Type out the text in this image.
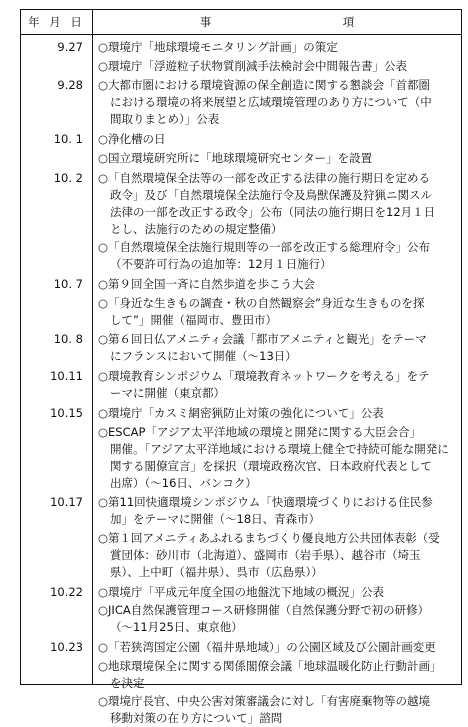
年 月 日	事　項
9.27 ○環境庁「地球環境モニタリング計画」の策定
○環境庁「浮遊粒子状物質削減手法検討会中間報告書」公表
9.28 ○大都市圏における環境資源の保全創造に関する懇談会「首都圏
における環境の将来展望と広域環境管理のあり方について（中
間取りまとめ）」公表
10. 1 ○浄化槽の日
○国立環境研究所に「地球環境研究センター」を設置
10. 2 ○「自然環境保全法等の一部を改正する法律の施行期日を定める
政令」及び「自然環境保全法施行令及鳥獣保護及狩猟ニ関スル
法律の一部を改正する政令」公布（同法の施行期日を12月１日
とし、法施行のための規定整備）
○「自然環境保全法施行規則等の一部を改正する総理府令」公布
（不要許可行為の追加等：12月１日施行）
10. 7 ○第９回全国一斉に自然歩道を歩こう大会
○「身近な生きもの調査・秋の自然観察会”身近な生きものを探
して”」開催（福岡市、豊田市）
10. 8 ○第６回日仏アメニティ会議「都市アメニティと観光」をテーマ
にフランスにおいて開催（～13日）
10.11 ○環境教育シンポジウム「環境教育ネットワークを考える」をテ
ーマに開催（東京都）
10.15 ○環境庁「カスミ網密猟防止対策の強化について」公表
○ESCAP「アジア太平洋地域の環境と開発に関する大臣会合」
開催。「アジア太平洋地域における環境上健全で持続可能な開発に
関する閣僚宣言」を採択（環境政務次官、日本政府代表として
出席）（～16日、バンコク）
10.17 ○第11回快適環境シンポジウム「快適環境づくりにおける住民参
加」をテーマに開催（～18日、青森市）
○第１回アメニティあふれるまちづくり優良地方公共団体表彰（受
賞団体：砂川市（北海道）、盛岡市（岩手県）、越谷市（埼玉
県）、上中町（福井県）、呉市（広島県））
10.22 ○環境庁「平成元年度全国の地盤沈下地域の概況」公表
○JICA自然保護管理コース研修開催（自然保護分野で初の研修）
（～11月25日、東京他）
10.23 ○「若狭湾国定公園（福井県地域）」の公園区域及び公園計画変更
○地球環境保全に関する関係閣僚会議「地球温暖化防止行動計画」
を決定
○環境庁長官、中央公害対策審議会に対し「有害廃棄物等の越境
移動対策の在り方について」諮問
